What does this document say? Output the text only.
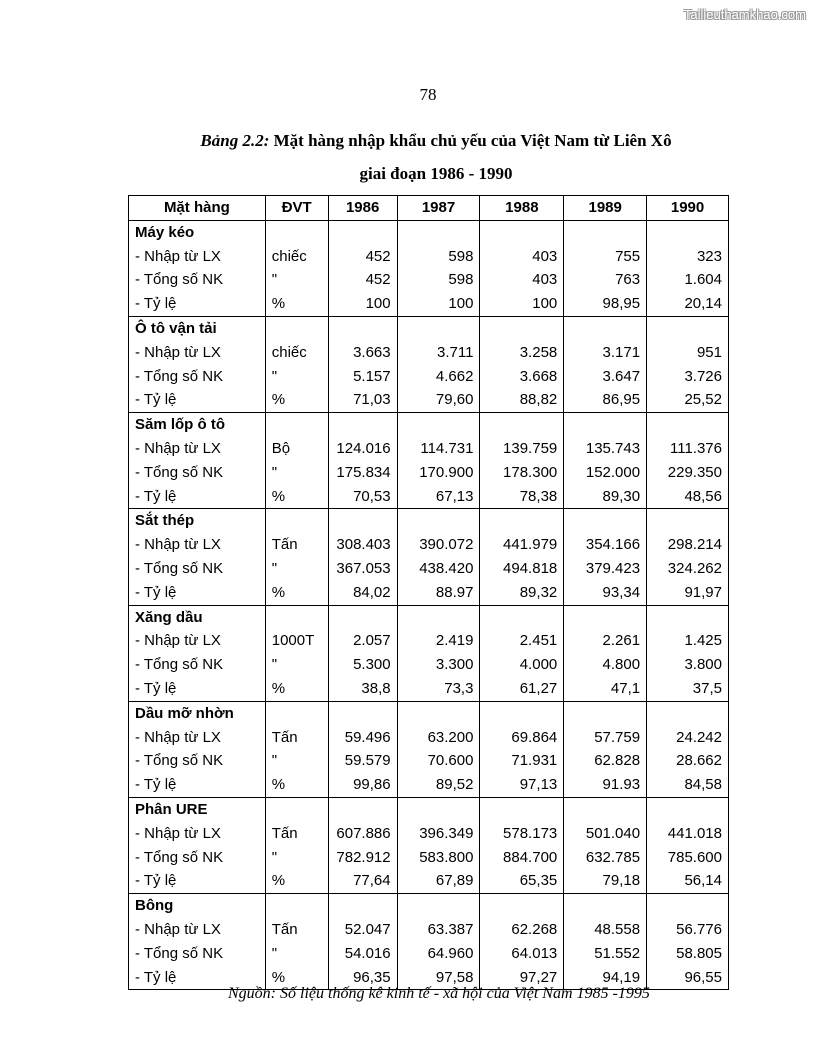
Tailieuthamkhao.com
78
Bảng 2.2: Mặt hàng nhập khẩu chủ yếu của Việt Nam từ Liên Xô
giai đoạn 1986 - 1990
Mặt hàng	ĐVT	1986	1987	1988	1989	1990
Máy kéo						
- Nhập từ LX	chiếc	452	598	403	755	323
- Tổng số NK	"	452	598	403	763	1.604
- Tỷ lệ	%	100	100	100	98,95	20,14
Ô tô vận tải						
- Nhập từ LX	chiếc	3.663	3.711	3.258	3.171	951
- Tổng số NK	"	5.157	4.662	3.668	3.647	3.726
- Tỷ lệ	%	71,03	79,60	88,82	86,95	25,52
Săm lốp ô tô						
- Nhập từ LX	Bộ	124.016	114.731	139.759	135.743	111.376
- Tổng số NK	"	175.834	170.900	178.300	152.000	229.350
- Tỷ lệ	%	70,53	67,13	78,38	89,30	48,56
Sắt thép						
- Nhập từ LX	Tấn	308.403	390.072	441.979	354.166	298.214
- Tổng số NK	"	367.053	438.420	494.818	379.423	324.262
- Tỷ lệ	%	84,02	88.97	89,32	93,34	91,97
Xăng dầu						
- Nhập từ LX	1000T	2.057	2.419	2.451	2.261	1.425
- Tổng số NK	"	5.300	3.300	4.000	4.800	3.800
- Tỷ lệ	%	38,8	73,3	61,27	47,1	37,5
Dầu mỡ nhờn						
- Nhập từ LX	Tấn	59.496	63.200	69.864	57.759	24.242
- Tổng số NK	"	59.579	70.600	71.931	62.828	28.662
- Tỷ lệ	%	99,86	89,52	97,13	91.93	84,58
Phân URE						
- Nhập từ LX	Tấn	607.886	396.349	578.173	501.040	441.018
- Tổng số NK	"	782.912	583.800	884.700	632.785	785.600
- Tỷ lệ	%	77,64	67,89	65,35	79,18	56,14
Bông						
- Nhập từ LX	Tấn	52.047	63.387	62.268	48.558	56.776
- Tổng số NK	"	54.016	64.960	64.013	51.552	58.805
- Tỷ lệ	%	96,35	97,58	97,27	94,19	96,55
Nguồn: Số liệu thống kê kinh tế - xã hội của Việt Nam 1985 -1995
